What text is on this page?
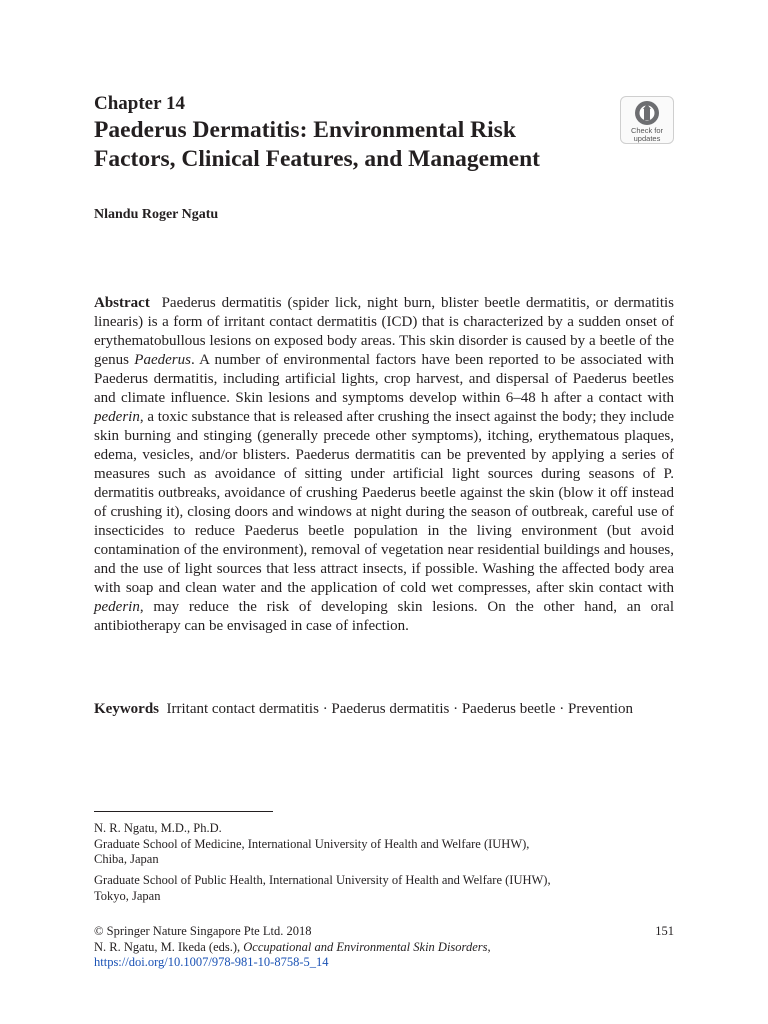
Chapter 14
Paederus Dermatitis: Environmental Risk
Factors, Clinical Features, and Management
Check for
updates
Nlandu Roger Ngatu

Abstract Paederus dermatitis (spider lick, night burn, blister beetle dermatitis, or dermatitis linearis) is a form of irritant contact dermatitis (ICD) that is characterized by a sudden onset of erythematobullous lesions on exposed body areas. This skin disorder is caused by a beetle of the genus Paederus. A number of environmental factors have been reported to be associated with Paederus dermatitis, including artificial lights, crop harvest, and dispersal of Paederus beetles and climate influence. Skin lesions and symptoms develop within 6–48 h after a contact with pederin, a toxic substance that is released after crushing the insect against the body; they include skin burning and stinging (generally precede other symptoms), itching, erythematous plaques, edema, vesicles, and/or blisters. Paederus dermatitis can be prevented by applying a series of measures such as avoidance of sitting under artificial light sources during seasons of P. dermatitis outbreaks, avoidance of crushing Paederus beetle against the skin (blow it off instead of crushing it), closing doors and windows at night during the season of outbreak, careful use of insecticides to reduce Paederus beetle population in the living environment (but avoid contamination of the environment), removal of vegetation near residential buildings and houses, and the use of light sources that less attract insects, if possible. Washing the affected body area with soap and clean water and the application of cold wet compresses, after skin contact with pederin, may reduce the risk of developing skin lesions. On the other hand, an oral antibiotherapy can be envisaged in case of infection.

Keywords Irritant contact dermatitis · Paederus dermatitis · Paederus beetle · Prevention

N. R. Ngatu, M.D., Ph.D.
Graduate School of Medicine, International University of Health and Welfare (IUHW),
Chiba, Japan

Graduate School of Public Health, International University of Health and Welfare (IUHW),
Tokyo, Japan

151
© Springer Nature Singapore Pte Ltd. 2018
N. R. Ngatu, M. Ikeda (eds.), Occupational and Environmental Skin Disorders,
https://doi.org/10.1007/978-981-10-8758-5_14
